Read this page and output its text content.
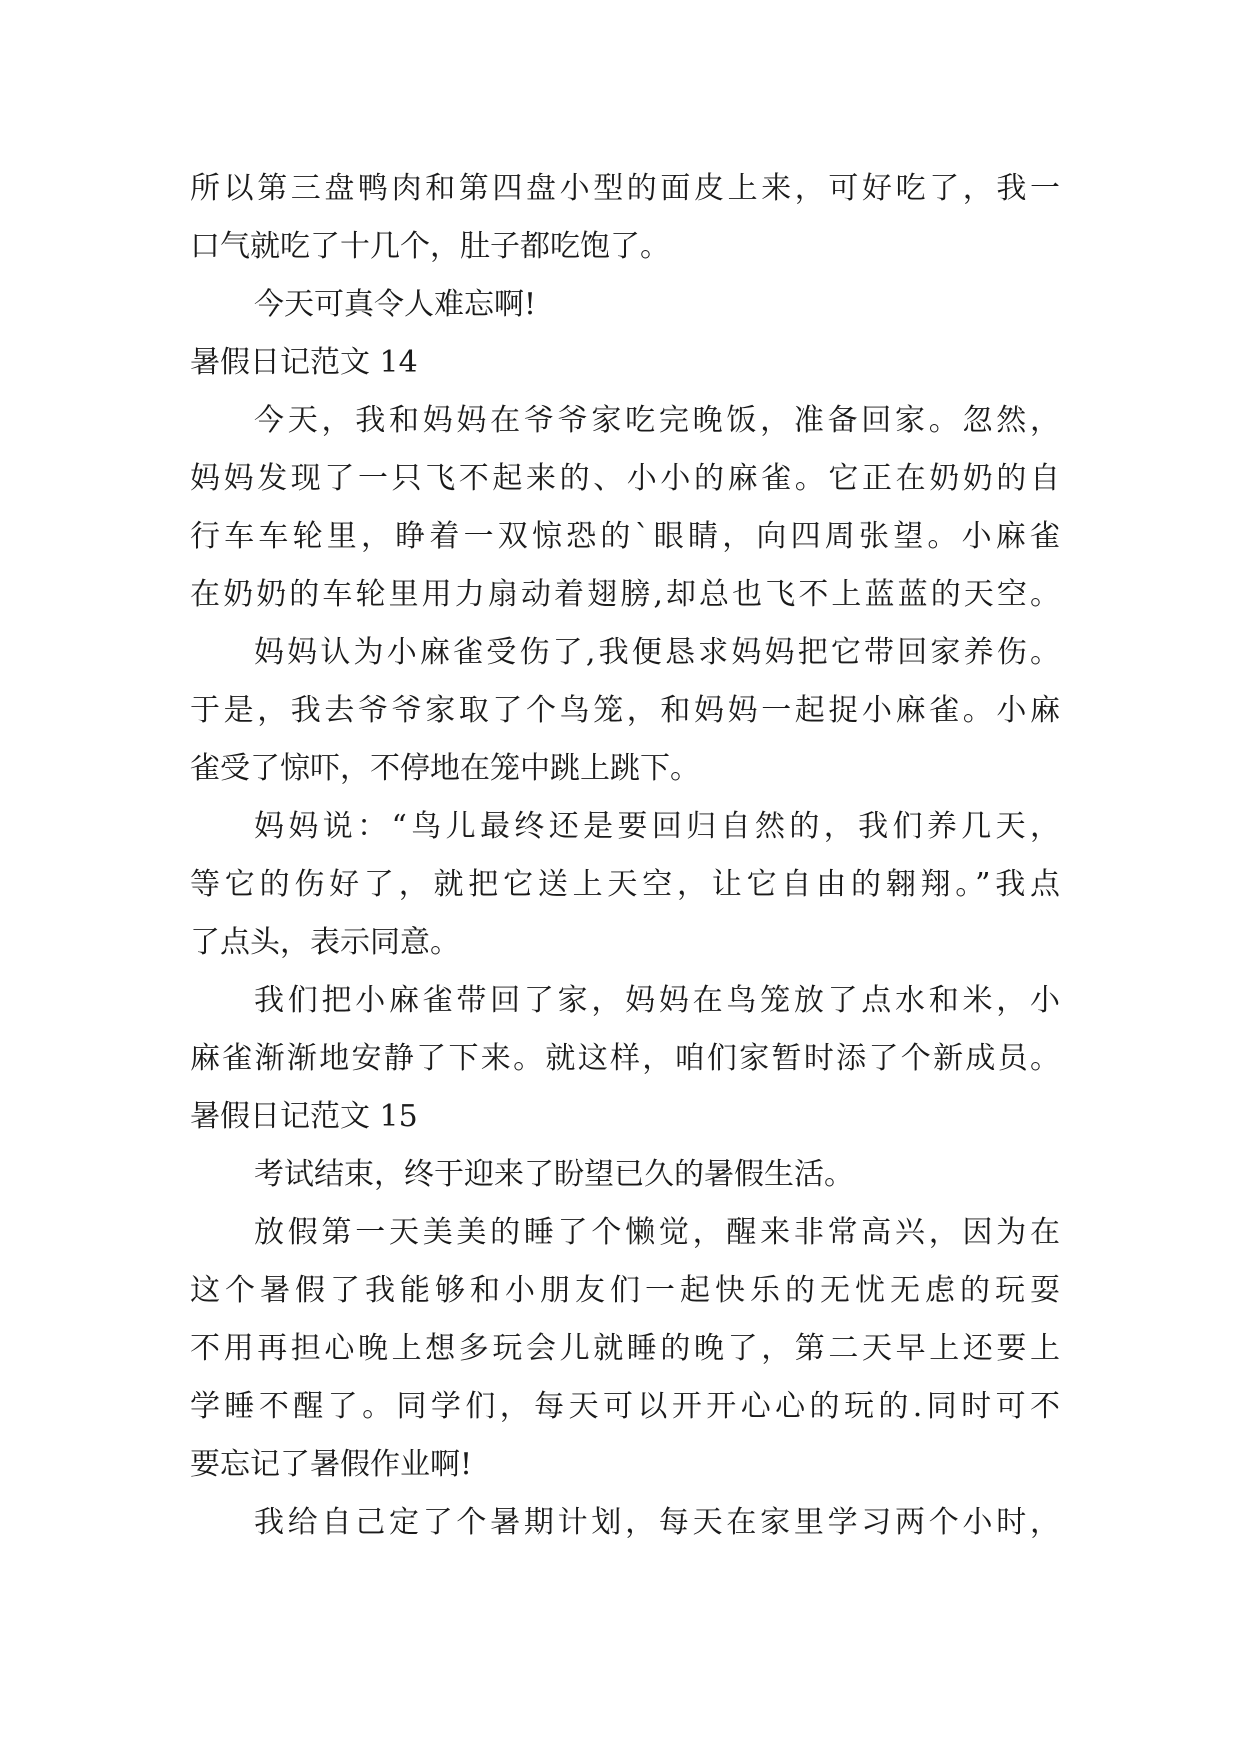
所以第三盘鸭肉和第四盘小型的面皮上来，可好吃了，我一
口气就吃了十几个，肚子都吃饱了。
今天可真令人难忘啊!
暑假日记范文 14
今天，我和妈妈在爷爷家吃完晚饭，准备回家。忽然，
妈妈发现了一只飞不起来的、小小的麻雀。它正在奶奶的自
行车车轮里，睁着一双惊恐的`眼睛，向四周张望。小麻雀
在奶奶的车轮里用力扇动着翅膀,却总也飞不上蓝蓝的天空。
妈妈认为小麻雀受伤了,我便恳求妈妈把它带回家养伤。
于是，我去爷爷家取了个鸟笼，和妈妈一起捉小麻雀。小麻
雀受了惊吓，不停地在笼中跳上跳下。
妈妈说：“鸟儿最终还是要回归自然的，我们养几天，
等它的伤好了，就把它送上天空，让它自由的翱翔。”我点
了点头，表示同意。
我们把小麻雀带回了家，妈妈在鸟笼放了点水和米，小
麻雀渐渐地安静了下来。就这样，咱们家暂时添了个新成员。
暑假日记范文 15
考试结束，终于迎来了盼望已久的暑假生活。
放假第一天美美的睡了个懒觉，醒来非常高兴，因为在
这个暑假了我能够和小朋友们一起快乐的无忧无虑的玩耍
不用再担心晚上想多玩会儿就睡的晚了，第二天早上还要上
学睡不醒了。同学们，每天可以开开心心的玩的.同时可不
要忘记了暑假作业啊!
我给自己定了个暑期计划，每天在家里学习两个小时，
